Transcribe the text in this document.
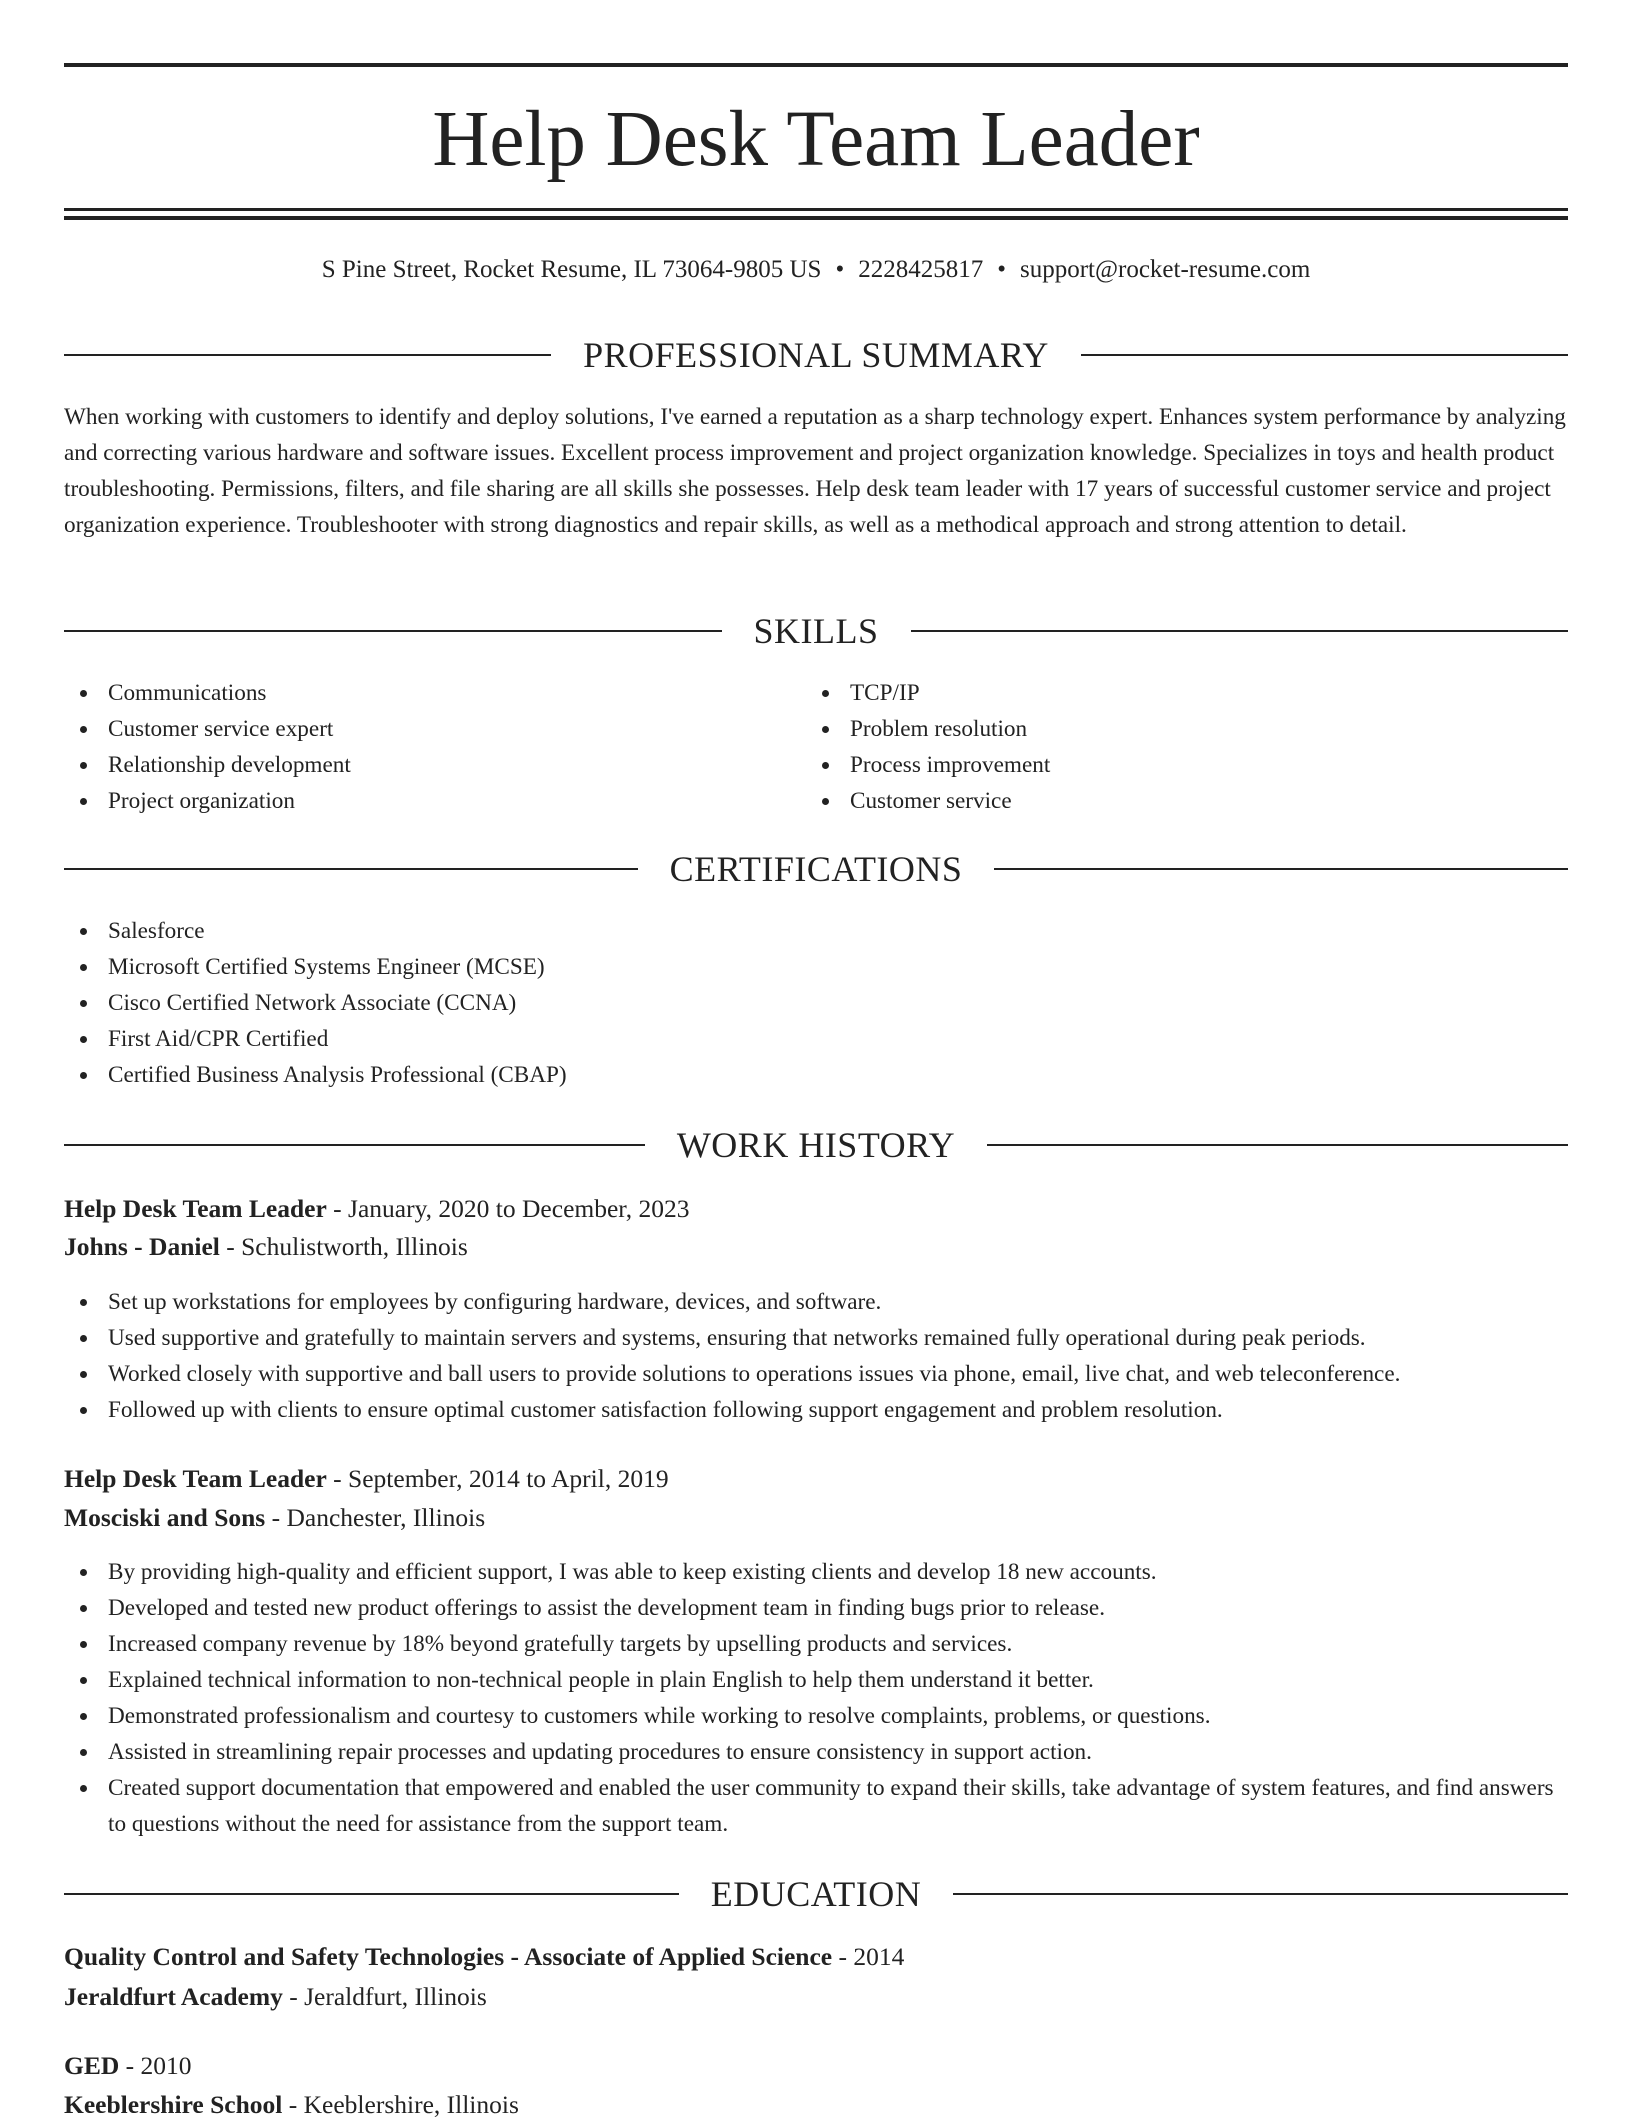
Help Desk Team Leader
S Pine Street, Rocket Resume, IL 73064-9805 US • 2228425817 • support@rocket-resume.com
PROFESSIONAL SUMMARY

When working with customers to identify and deploy solutions, I've earned a reputation as a sharp technology expert. Enhances system performance by analyzing and correcting various hardware and software issues. Excellent process improvement and project organization knowledge. Specializes in toys and health product troubleshooting. Permissions, filters, and file sharing are all skills she possesses. Help desk team leader with 17 years of successful customer service and project organization experience. Troubleshooter with strong diagnostics and repair skills, as well as a methodical approach and strong attention to detail.

SKILLS
Communications
Customer service expert
Relationship development
Project organization
TCP/IP
Problem resolution
Process improvement
Customer service
CERTIFICATIONS
Salesforce
Microsoft Certified Systems Engineer (MCSE)
Cisco Certified Network Associate (CCNA)
First Aid/CPR Certified
Certified Business Analysis Professional (CBAP)
WORK HISTORY
Help Desk Team Leader - January, 2020 to December, 2023
Johns - Daniel - Schulistworth, Illinois
Set up workstations for employees by configuring hardware, devices, and software.
Used supportive and gratefully to maintain servers and systems, ensuring that networks remained fully operational during peak periods.
Worked closely with supportive and ball users to provide solutions to operations issues via phone, email, live chat, and web teleconference.
Followed up with clients to ensure optimal customer satisfaction following support engagement and problem resolution.
Help Desk Team Leader - September, 2014 to April, 2019
Mosciski and Sons - Danchester, Illinois
By providing high-quality and efficient support, I was able to keep existing clients and develop 18 new accounts.
Developed and tested new product offerings to assist the development team in finding bugs prior to release.
Increased company revenue by 18% beyond gratefully targets by upselling products and services.
Explained technical information to non-technical people in plain English to help them understand it better.
Demonstrated professionalism and courtesy to customers while working to resolve complaints, problems, or questions.
Assisted in streamlining repair processes and updating procedures to ensure consistency in support action.
Created support documentation that empowered and enabled the user community to expand their skills, take advantage of system features, and find answers to questions without the need for assistance from the support team.
EDUCATION
Quality Control and Safety Technologies - Associate of Applied Science - 2014
Jeraldfurt Academy - Jeraldfurt, Illinois
GED - 2010
Keeblershire School - Keeblershire, Illinois
